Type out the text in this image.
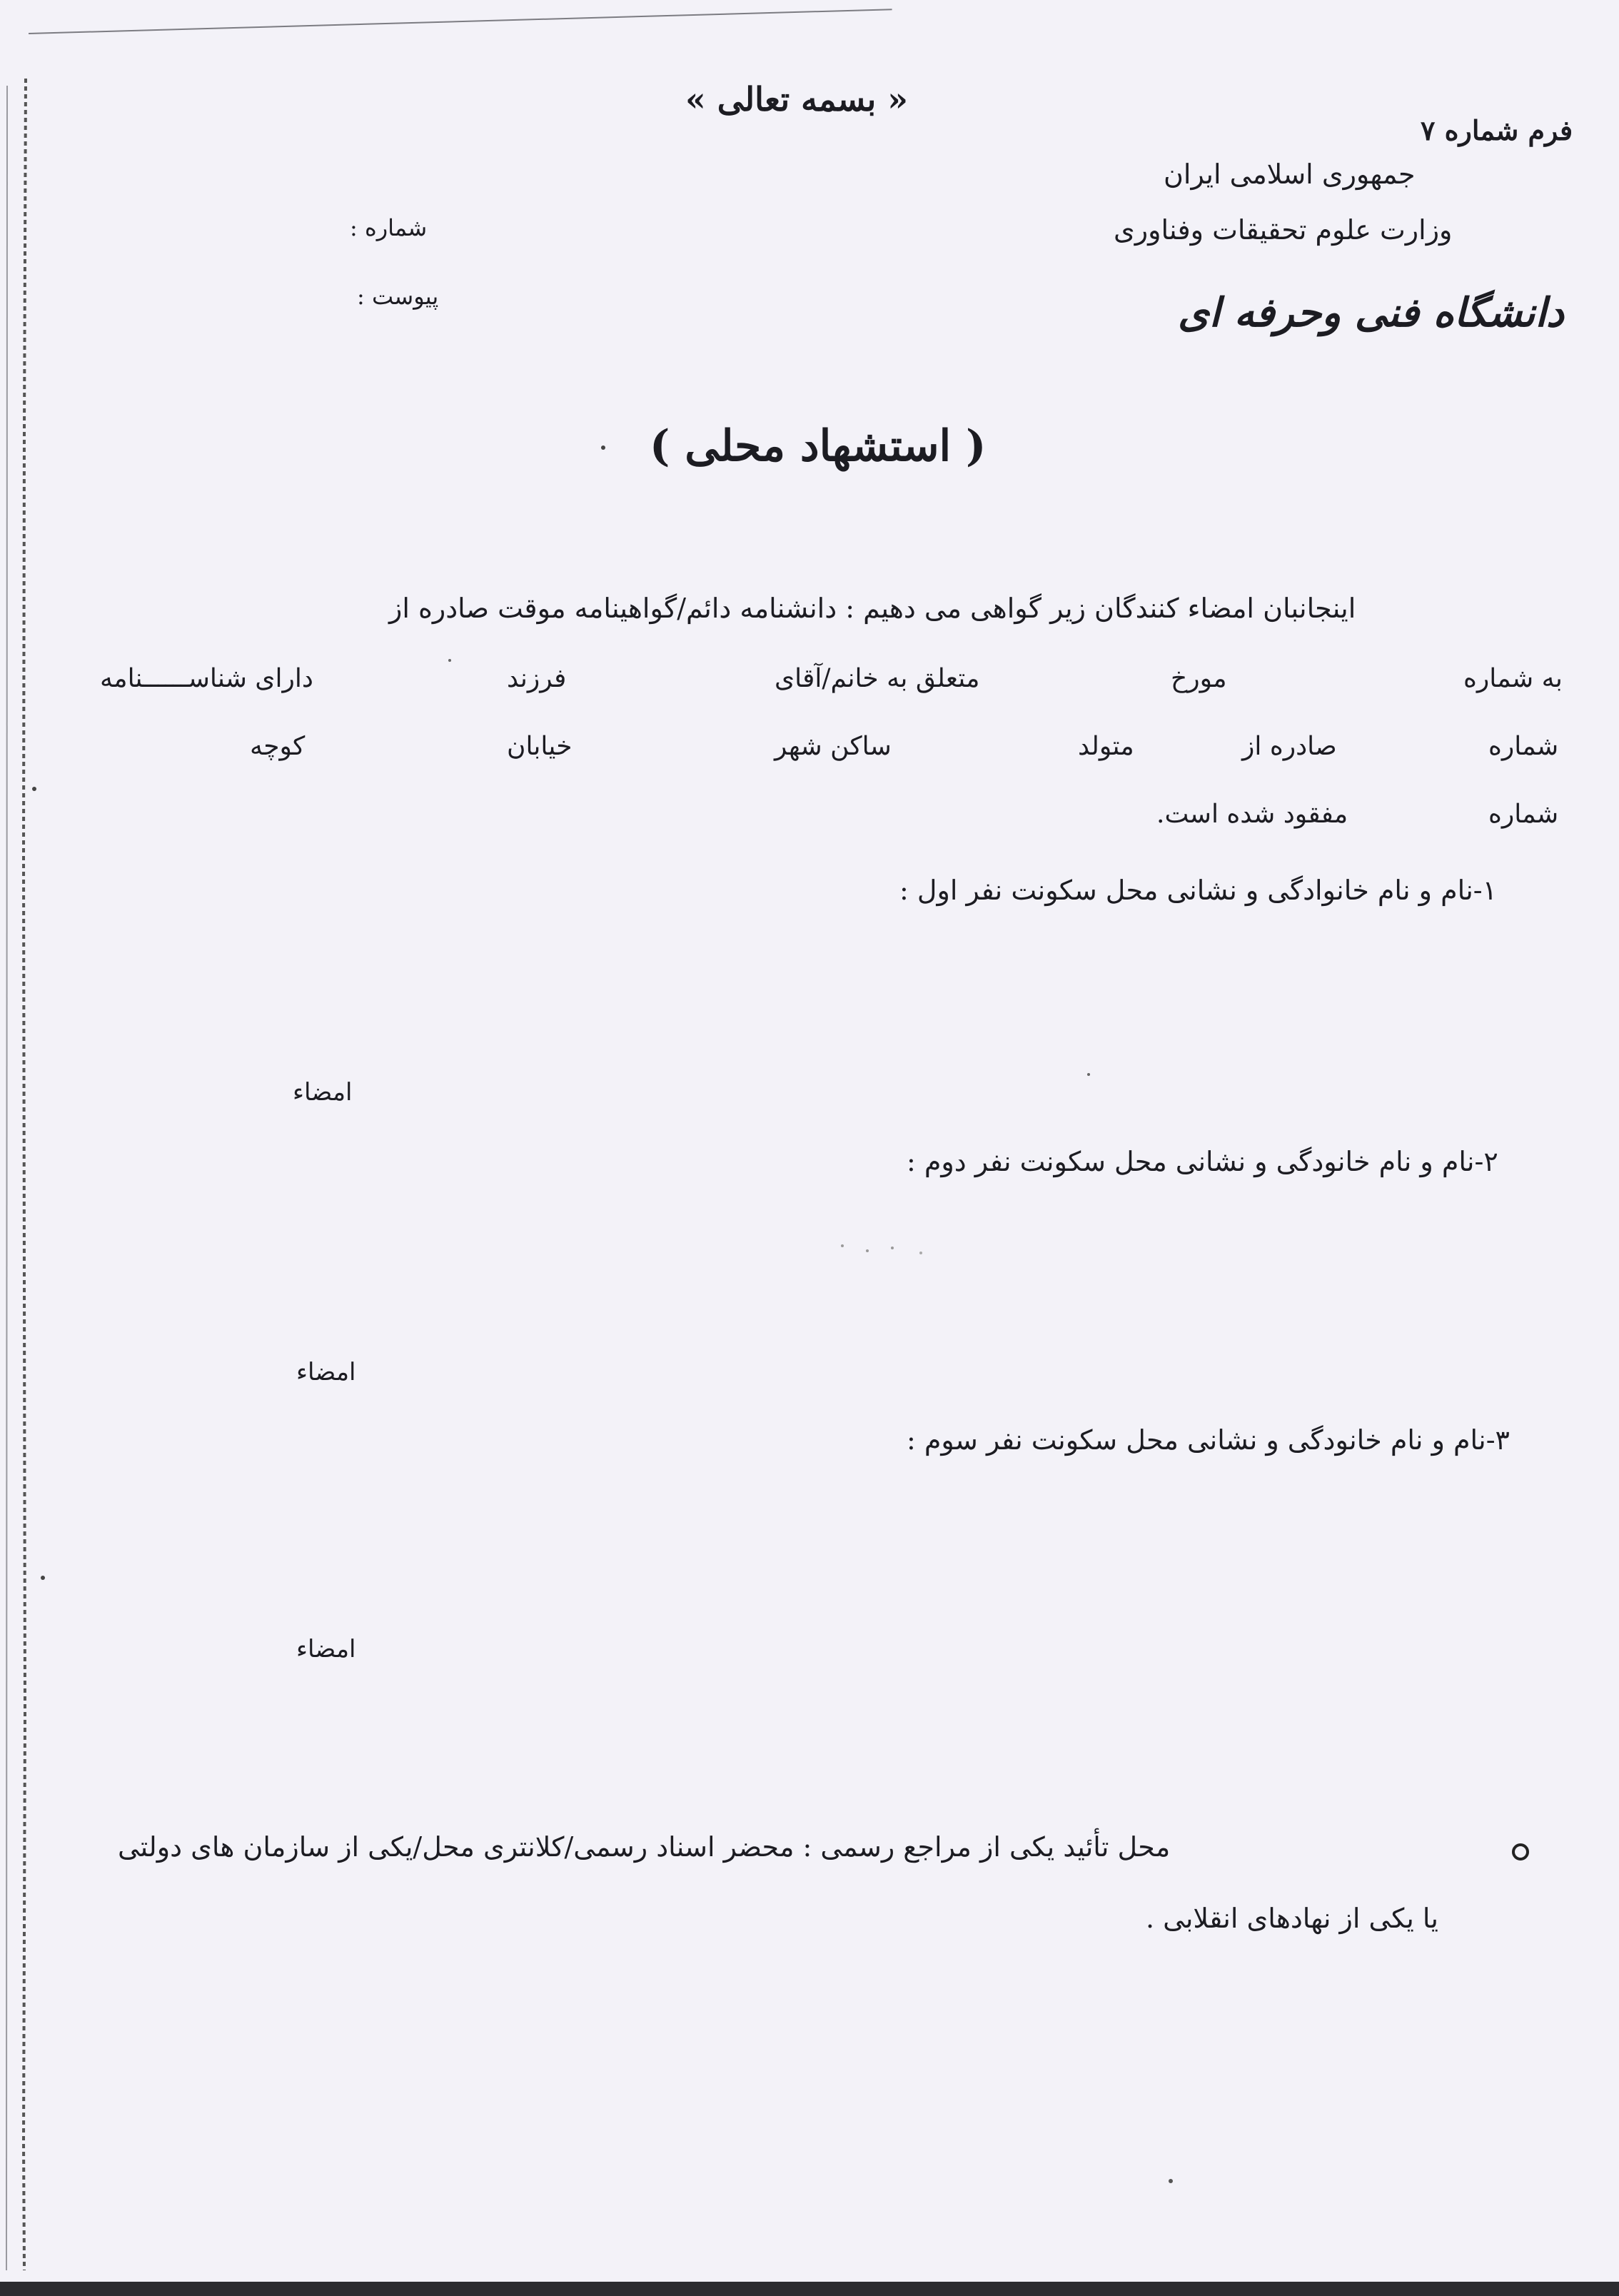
« بسمه تعالی »
فرم شماره ۷
جمهوری اسلامی ایران
وزارت علوم تحقیقات وفناوری
شماره :
پیوست :	دانشگاه فنی وحرفه ای
( استشهاد محلی )
اینجانبان امضاء کنندگان زیر گواهی می دهیم : دانشنامه دائم/گواهینامه موقت صادره از
به شماره
مورخ
متعلق به خانم/آقای
فرزند
دارای شناســــــنامه
شماره
صادره از
متولد
ساکن شهر
خیابان
کوچه
شماره
مفقود شده است.
۱-نام و نام خانوادگی و نشانی محل سکونت نفر اول :
امضاء
۲-نام و نام خانودگی و نشانی محل سکونت نفر دوم :
امضاء
۳-نام و نام خانودگی و نشانی محل سکونت نفر سوم :
امضاء
محل تأئید یکی از مراجع رسمی : محضر اسناد رسمی/کلانتری محل/یکی از سازمان های دولتی
یا یکی از نهادهای انقلابی .
